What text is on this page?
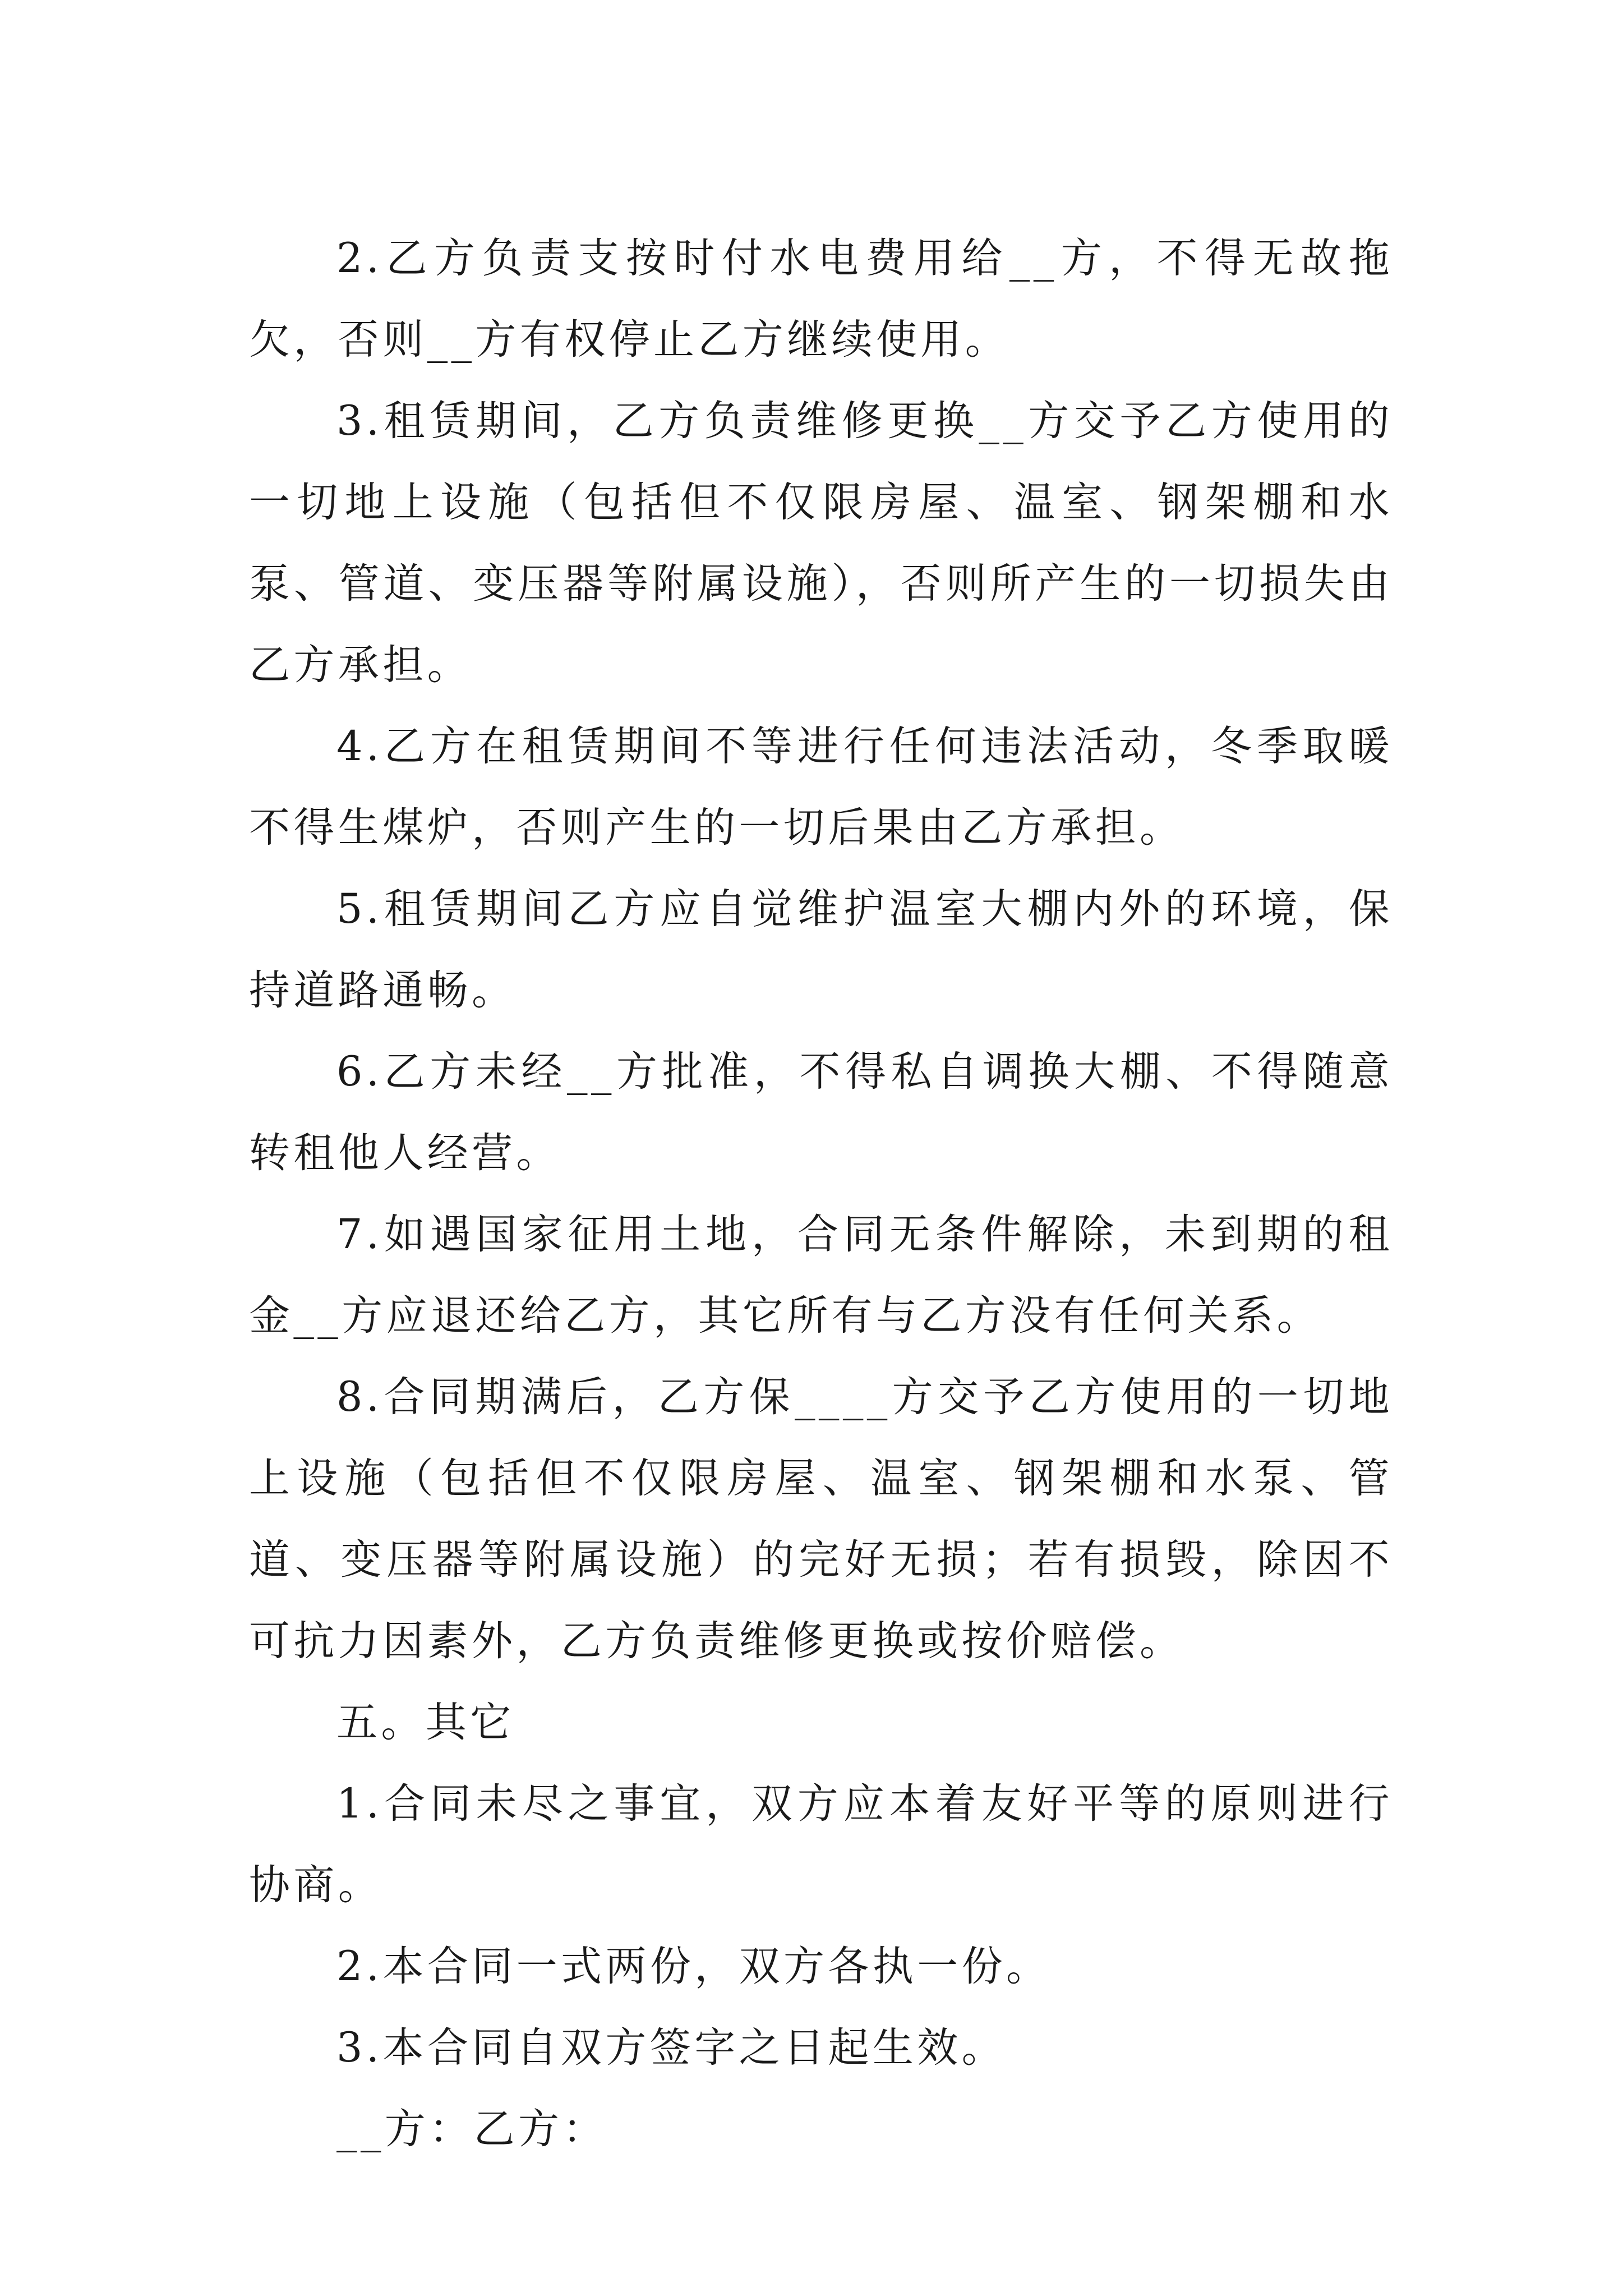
2.乙方负责支按时付水电费用给__方，不得无故拖欠，否则__方有权停止乙方继续使用。

3.租赁期间，乙方负责维修更换__方交予乙方使用的一切地上设施（包括但不仅限房屋、温室、钢架棚和水泵、管道、变压器等附属设施），否则所产生的一切损失由乙方承担。

4.乙方在租赁期间不等进行任何违法活动，冬季取暖不得生煤炉，否则产生的一切后果由乙方承担。

5.租赁期间乙方应自觉维护温室大棚内外的环境，保持道路通畅。

6.乙方未经__方批准，不得私自调换大棚、不得随意转租他人经营。

7.如遇国家征用土地，合同无条件解除，未到期的租金__方应退还给乙方，其它所有与乙方没有任何关系。

8.合同期满后，乙方保____方交予乙方使用的一切地上设施（包括但不仅限房屋、温室、钢架棚和水泵、管道、变压器等附属设施）的完好无损；若有损毁，除因不可抗力因素外，乙方负责维修更换或按价赔偿。

五。其它

1.合同未尽之事宜，双方应本着友好平等的原则进行协商。

2.本合同一式两份，双方各执一份。

3.本合同自双方签字之日起生效。

__方：乙方：
